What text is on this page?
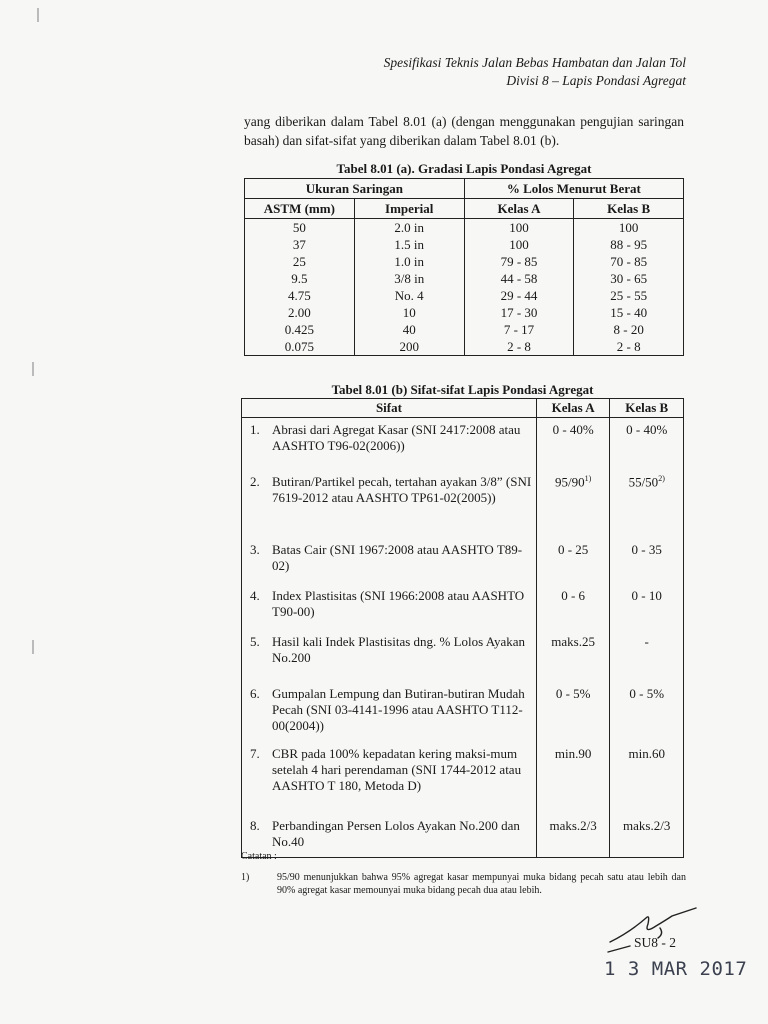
Spesifikasi Teknis Jalan Bebas Hambatan dan Jalan Tol
Divisi 8 – Lapis Pondasi Agregat
yang diberikan dalam Tabel 8.01 (a) (dengan menggunakan pengujian saringan basah) dan sifat-sifat yang diberikan dalam Tabel 8.01 (b).
Tabel 8.01 (a). Gradasi Lapis Pondasi Agregat
Ukuran Saringan		% Lolos Menurut Berat	
ASTM (mm)	Imperial	Kelas A	Kelas B
50	2.0 in	100	100
37	1.5 in	100	88 - 95
25	1.0 in	79 - 85	70 - 85
9.5	3/8 in	44 - 58	30 - 65
4.75	No. 4	29 - 44	25 - 55
2.00	10	17 - 30	15 - 40
0.425	40	7 - 17	8 - 20
0.075	200	2 - 8	2 - 8
Tabel 8.01 (b) Sifat-sifat Lapis Pondasi Agregat
Sifat	Kelas A	Kelas B

1. Abrasi dari Agregat Kasar (SNI 2417:2008 atau AASHTO T96-02(2006))	0 - 40%	0 - 40%

2. Butiran/Partikel pecah, tertahan ayakan 3/8” (SNI 7619-2012 atau AASHTO TP61-02(2005))	95/90$^{1)}$	55/50$^{2)}$

3. Batas Cair (SNI 1967:2008 atau AASHTO T89-02)	0 - 25	0 - 35

4. Index Plastisitas (SNI 1966:2008 atau AASHTO T90-00)	0 - 6	0 - 10

5. Hasil kali Indek Plastisitas dng. % Lolos Ayakan No.200	maks.25	-

6. Gumpalan Lempung dan Butiran-butiran Mudah Pecah (SNI 03-4141-1996 atau AASHTO T112-00(2004))	0 - 5%	0 - 5%

7. CBR pada 100% kepadatan kering maksi-mum setelah 4 hari perendaman (SNI 1744-2012 atau AASHTO T 180, Metoda D)	min.90	min.60

8. Perbandingan Persen Lolos Ayakan No.200 dan No.40	maks.2/3	maks.2/3
Catatan :
1)	95/90 menunjukkan bahwa 95% agregat kasar mempunyai muka bidang pecah satu atau lebih dan 90% agregat kasar memounyai muka bidang pecah dua atau lebih.
SU8 - 2
1 3 MAR 2017
